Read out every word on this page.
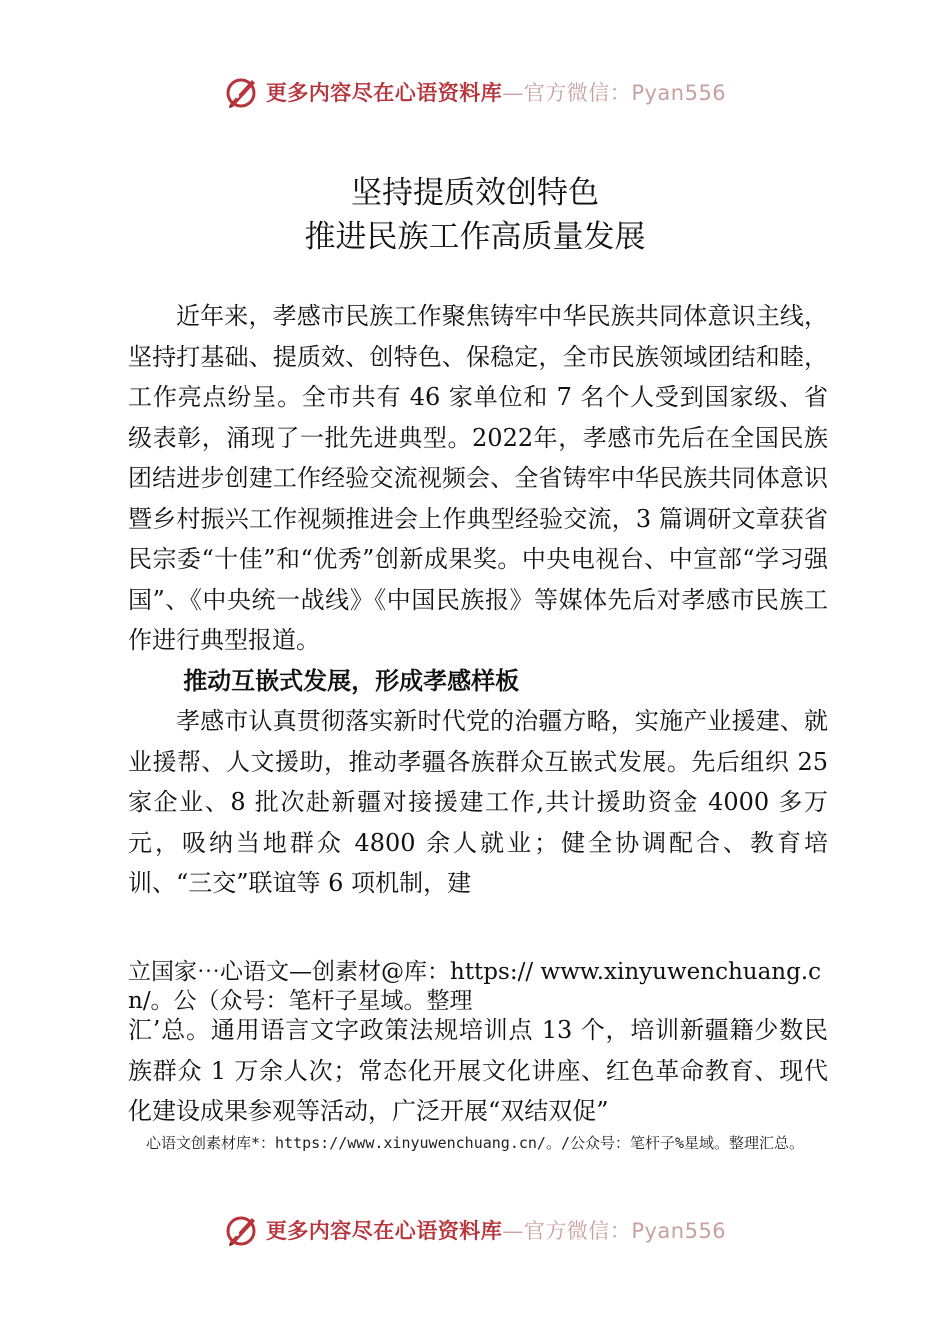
更多内容尽在心语资料库—官方微信：Pyan556
坚持提质效创特色
推进民族工作高质量发展

近年来，孝感市民族工作聚焦铸牢中华民族共同体意识主线，坚持打基础、提质效、创特色、保稳定，全市民族领域团结和睦，工作亮点纷呈。全市共有 46 家单位和 7 名个人受到国家级、省级表彰，涌现了一批先进典型。2022年，孝感市先后在全国民族团结进步创建工作经验交流视频会、全省铸牢中华民族共同体意识暨乡村振兴工作视频推进会上作典型经验交流，3 篇调研文章获省民宗委“十佳”和“优秀”创新成果奖。中央电视台、中宣部“学习强国”、《中央统一战线》《中国民族报》等媒体先后对孝感市民族工作进行典型报道。

推动互嵌式发展，形成孝感样板

孝感市认真贯彻落实新时代党的治疆方略，实施产业援建、就业援帮、人文援助，推动孝疆各族群众互嵌式发展。先后组织 25 家企业、8 批次赴新疆对接援建工作,共计援助资金 4000 多万元，吸纳当地群众 4800 余人就业；健全协调配合、教育培训、“三交”联谊等 6 项机制，建

立国家⋯心语文—创素材@库：https:// www.xinyuwenchuang.cn/。公（众号：笔杆子星域。整理

汇’总。通用语言文字政策法规培训点 13 个，培训新疆籍少数民族群众 1 万余人次；常态化开展文化讲座、红色革命教育、现代化建设成果参观等活动，广泛开展“双结双促”

心语文创素材库*：https://www.xinyuwenchuang.cn/。/公众号：笔杆子%星域。整理汇总。
更多内容尽在心语资料库—官方微信：Pyan556
